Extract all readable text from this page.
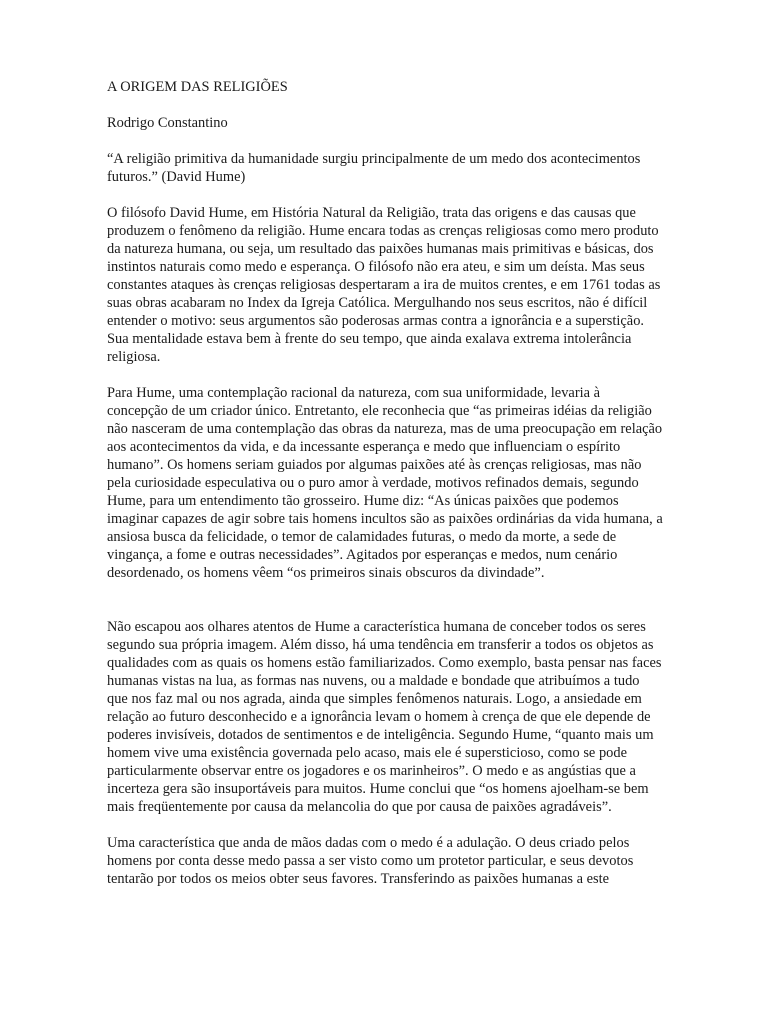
A ORIGEM DAS RELIGIÕES

Rodrigo Constantino

“A religião primitiva da humanidade surgiu principalmente de um medo dos acontecimentos futuros.” (David Hume)

O filósofo David Hume, em História Natural da Religião, trata das origens e das causas que produzem o fenômeno da religião. Hume encara todas as crenças religiosas como mero produto da natureza humana, ou seja, um resultado das paixões humanas mais primitivas e básicas, dos instintos naturais como medo e esperança. O filósofo não era ateu, e sim um deísta. Mas seus constantes ataques às crenças religiosas despertaram a ira de muitos crentes, e em 1761 todas as suas obras acabaram no Index da Igreja Católica. Mergulhando nos seus escritos, não é difícil entender o motivo: seus argumentos são poderosas armas contra a ignorância e a superstição. Sua mentalidade estava bem à frente do seu tempo, que ainda exalava extrema intolerância religiosa.

Para Hume, uma contemplação racional da natureza, com sua uniformidade, levaria à concepção de um criador único. Entretanto, ele reconhecia que “as primeiras idéias da religião não nasceram de uma contemplação das obras da natureza, mas de uma preocupação em relação aos acontecimentos da vida, e da incessante esperança e medo que influenciam o espírito humano”. Os homens seriam guiados por algumas paixões até às crenças religiosas, mas não pela curiosidade especulativa ou o puro amor à verdade, motivos refinados demais, segundo Hume, para um entendimento tão grosseiro. Hume diz: “As únicas paixões que podemos imaginar capazes de agir sobre tais homens incultos são as paixões ordinárias da vida humana, a ansiosa busca da felicidade, o temor de calamidades futuras, o medo da morte, a sede de vingança, a fome e outras necessidades”. Agitados por esperanças e medos, num cenário desordenado, os homens vêem “os primeiros sinais obscuros da divindade”.

Não escapou aos olhares atentos de Hume a característica humana de conceber todos os seres segundo sua própria imagem. Além disso, há uma tendência em transferir a todos os objetos as qualidades com as quais os homens estão familiarizados. Como exemplo, basta pensar nas faces humanas vistas na lua, as formas nas nuvens, ou a maldade e bondade que atribuímos a tudo que nos faz mal ou nos agrada, ainda que simples fenômenos naturais. Logo, a ansiedade em relação ao futuro desconhecido e a ignorância levam o homem à crença de que ele depende de poderes invisíveis, dotados de sentimentos e de inteligência. Segundo Hume, “quanto mais um homem vive uma existência governada pelo acaso, mais ele é supersticioso, como se pode particularmente observar entre os jogadores e os marinheiros”. O medo e as angústias que a incerteza gera são insuportáveis para muitos. Hume conclui que “os homens ajoelham-se bem mais freqüentemente por causa da melancolia do que por causa de paixões agradáveis”.

Uma característica que anda de mãos dadas com o medo é a adulação. O deus criado pelos homens por conta desse medo passa a ser visto como um protetor particular, e seus devotos tentarão por todos os meios obter seus favores. Transferindo as paixões humanas a este
